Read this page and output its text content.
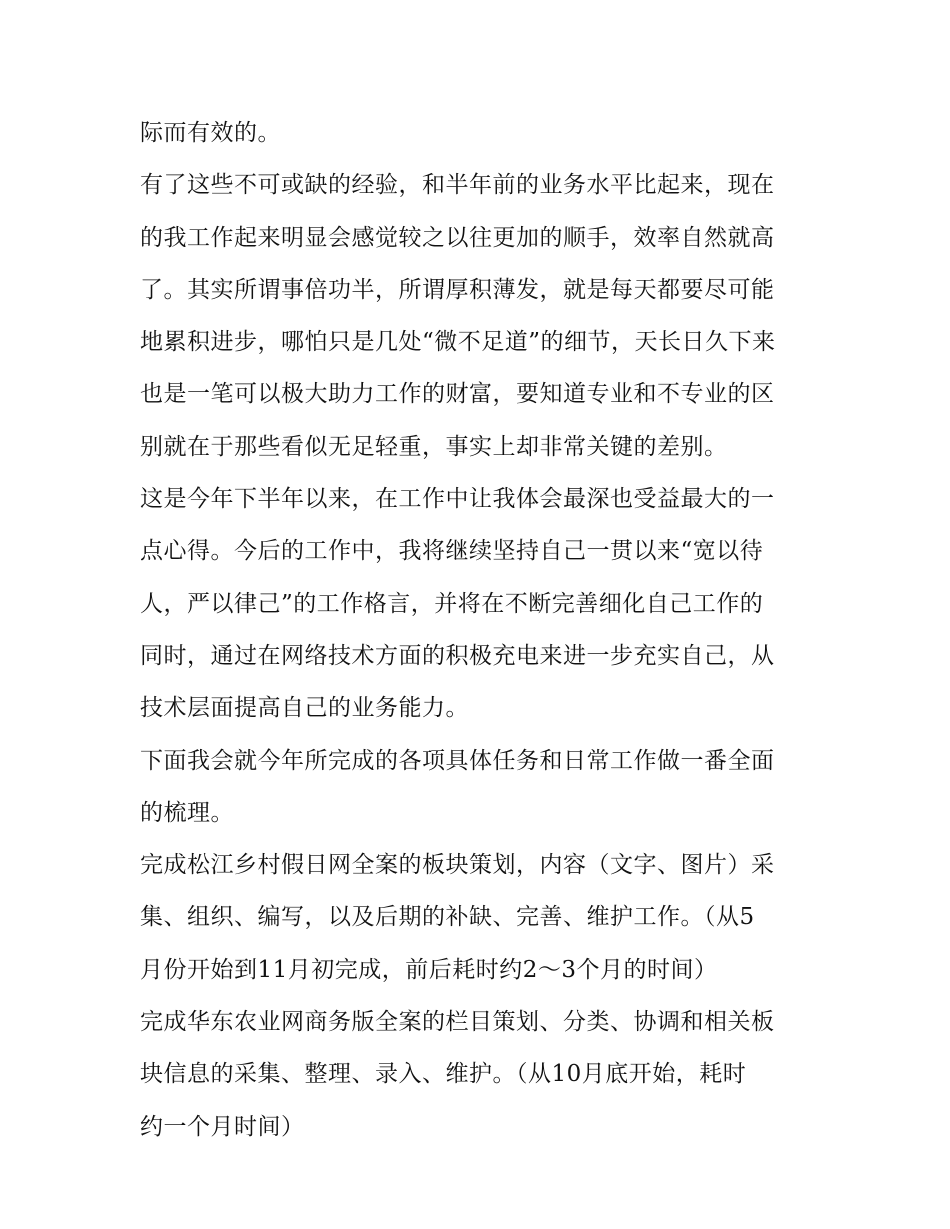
际而有效的。
有了这些不可或缺的经验，和半年前的业务水平比起来，现在
的我工作起来明显会感觉较之以往更加的顺手，效率自然就高
了。其实所谓事倍功半，所谓厚积薄发，就是每天都要尽可能
地累积进步，哪怕只是几处“微不足道”的细节，天长日久下来
也是一笔可以极大助力工作的财富，要知道专业和不专业的区
别就在于那些看似无足轻重，事实上却非常关键的差别。
这是今年下半年以来，在工作中让我体会最深也受益最大的一
点心得。今后的工作中，我将继续坚持自己一贯以来“宽以待
人，严以律己”的工作格言，并将在不断完善细化自己工作的
同时，通过在网络技术方面的积极充电来进一步充实自己，从
技术层面提高自己的业务能力。
下面我会就今年所完成的各项具体任务和日常工作做一番全面
的梳理。
完成松江乡村假日网全案的板块策划，内容（文字、图片）采
集、组织、编写，以及后期的补缺、完善、维护工作。（从5
月份开始到11月初完成，前后耗时约2～3个月的时间）
完成华东农业网商务版全案的栏目策划、分类、协调和相关板
块信息的采集、整理、录入、维护。（从10月底开始，耗时
约一个月时间）
